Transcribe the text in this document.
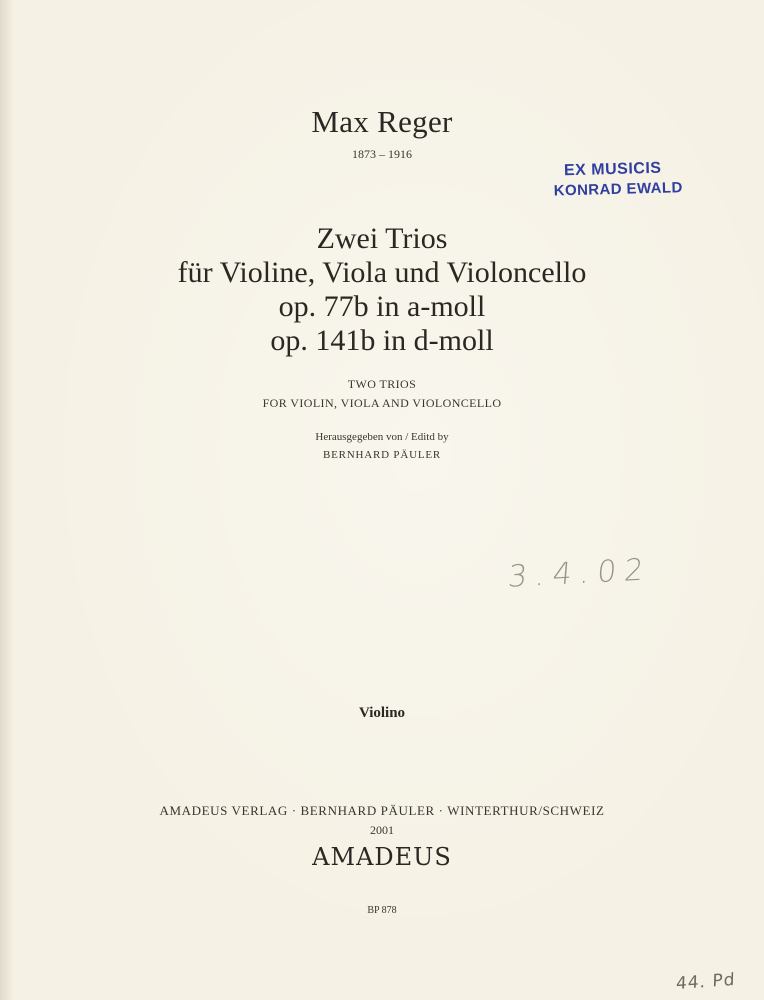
Max Reger
1873 – 1916
EX MUSICIS
KONRAD EWALD
Zwei Trios
für Violine, Viola und Violoncello
op. 77b in a-moll
op. 141b in d-moll
TWO TRIOS
FOR VIOLIN, VIOLA AND VIOLONCELLO
Herausgegeben von / Editd by
BERNHARD PÄULER
3.4.02
Violino
AMADEUS VERLAG · BERNHARD PÄULER · WINTERTHUR/SCHWEIZ
2001
AMADEUS
BP 878
44. Pd
